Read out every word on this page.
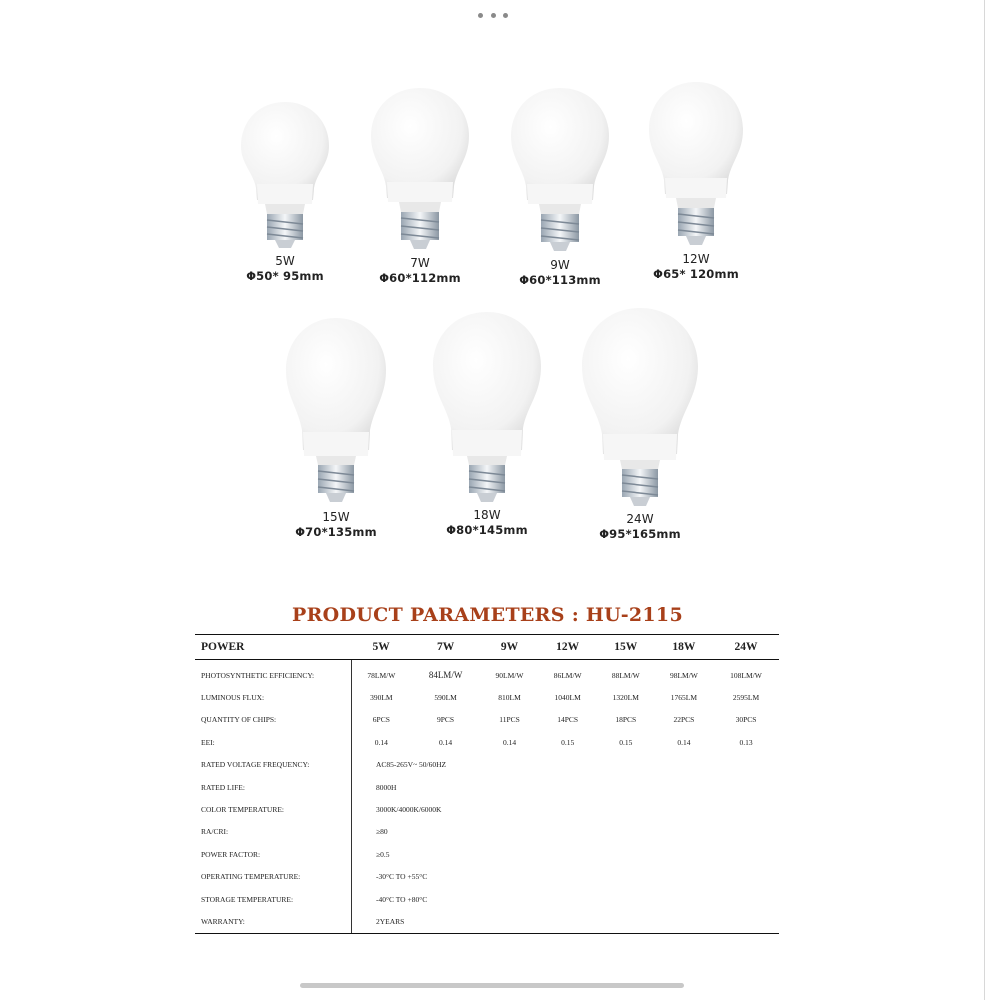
5W
Φ50* 95mm
7W
Φ60*112mm
9W
Φ60*113mm
12W
Φ65* 120mm
15W
Φ70*135mm
18W
Φ80*145mm
24W
Φ95*165mm
PRODUCT PARAMETERS : HU-2115
POWER	5W	7W	9W	12W	15W	18W	24W

PHOTOSYNTHETIC EFFICIENCY:	78LM/W	84LM/W	90LM/W	86LM/W	88LM/W	98LM/W	108LM/W
LUMINOUS FLUX:	390LM	590LM	810LM	1040LM	1320LM	1765LM	2595LM
QUANTITY OF CHIPS:	6PCS	9PCS	11PCS	14PCS	18PCS	22PCS	30PCS
EEI:	0.14	0.14	0.14	0.15	0.15	0.14	0.13
RATED VOLTAGE FREQUENCY:	AC85-265V~ 50/60HZ						
RATED LIFE:	8000H						
COLOR TEMPERATURE:	3000K/4000K/6000K						
RA/CRI:	≥80						
POWER FACTOR:	≥0.5						
OPERATING TEMPERATURE:	-30°C TO +55°C						
STORAGE TEMPERATURE:	-40°C TO +80°C						
WARRANTY:	2YEARS						
